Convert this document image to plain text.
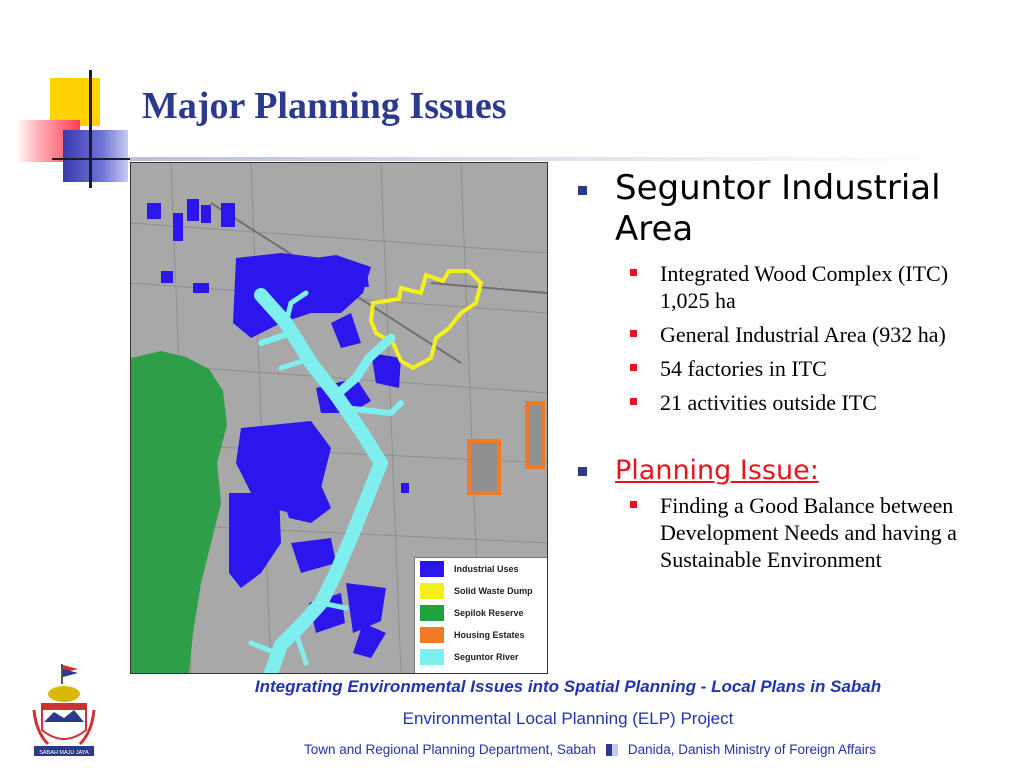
Major Planning Issues
Industrial Uses
Solid Waste Dump
Sepilok Reserve
Housing Estates
Seguntor River
Seguntor Industrial Area
Integrated Wood Complex (ITC) 1,025 ha
General Industrial Area (932 ha)
54 factories in ITC
21 activities outside ITC
Planning Issue:
Finding a Good Balance between Development Needs and having a Sustainable Environment
SABAH MAJU JAYA

Integrating Environmental Issues into Spatial Planning - Local Plans in Sabah

Environmental Local Planning (ELP) Project

Town and Regional Planning Department, Sabah Danida, Danish Ministry of Foreign Affairs
